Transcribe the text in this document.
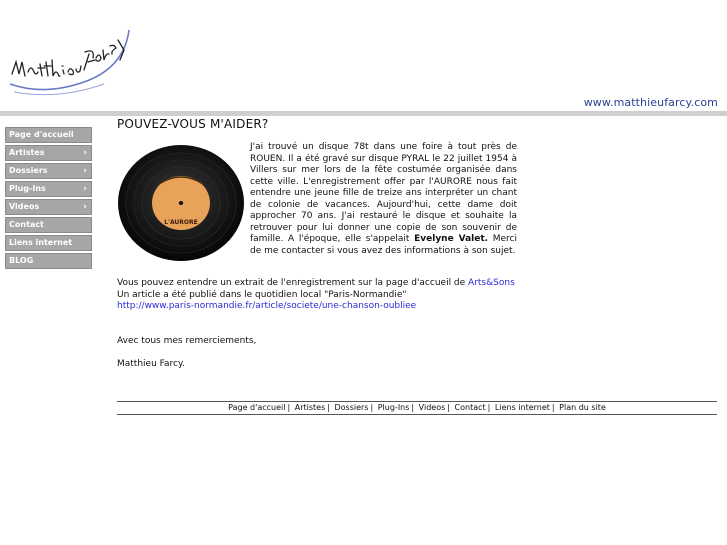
www.matthieufarcy.com
Page d'accueil
Artistes	›
Dossiers	›
Plug-Ins	›
Videos	›
Contact
Liens internet
BLOG
POUVEZ-VOUS M'AIDER?
L'AURORE

J'ai trouvé un disque 78t dans une foire à tout près de ROUEN. Il a été gravé sur disque PYRAL le 22 juillet 1954 à Villers sur mer lors de la fête costumée organisée dans cette ville. L'enregistrement offer par l'AURORE nous fait entendre une jeune fille de treize ans interpréter un chant de colonie de vacances. Aujourd'hui, cette dame doit approcher 70 ans. J'ai restauré le disque et souhaite la retrouver pour lui donner une copie de son souvenir de famille. A l'époque, elle s'appelait Evelyne Valet. Merci de me contacter si vous avez des informations à son sujet.

Vous pouvez entendre un extrait de l'enregistrement sur la page d'accueil de Arts&Sons
Un article a été publié dans le quotidien local "Paris-Normandie"
http://www.paris-normandie.fr/article/societe/une-chanson-oubliee
Avec tous mes remerciements,
Matthieu Farcy.
Page d'accueil | Artistes | Dossiers | Plug-Ins | Videos | Contact | Liens internet | Plan du site
